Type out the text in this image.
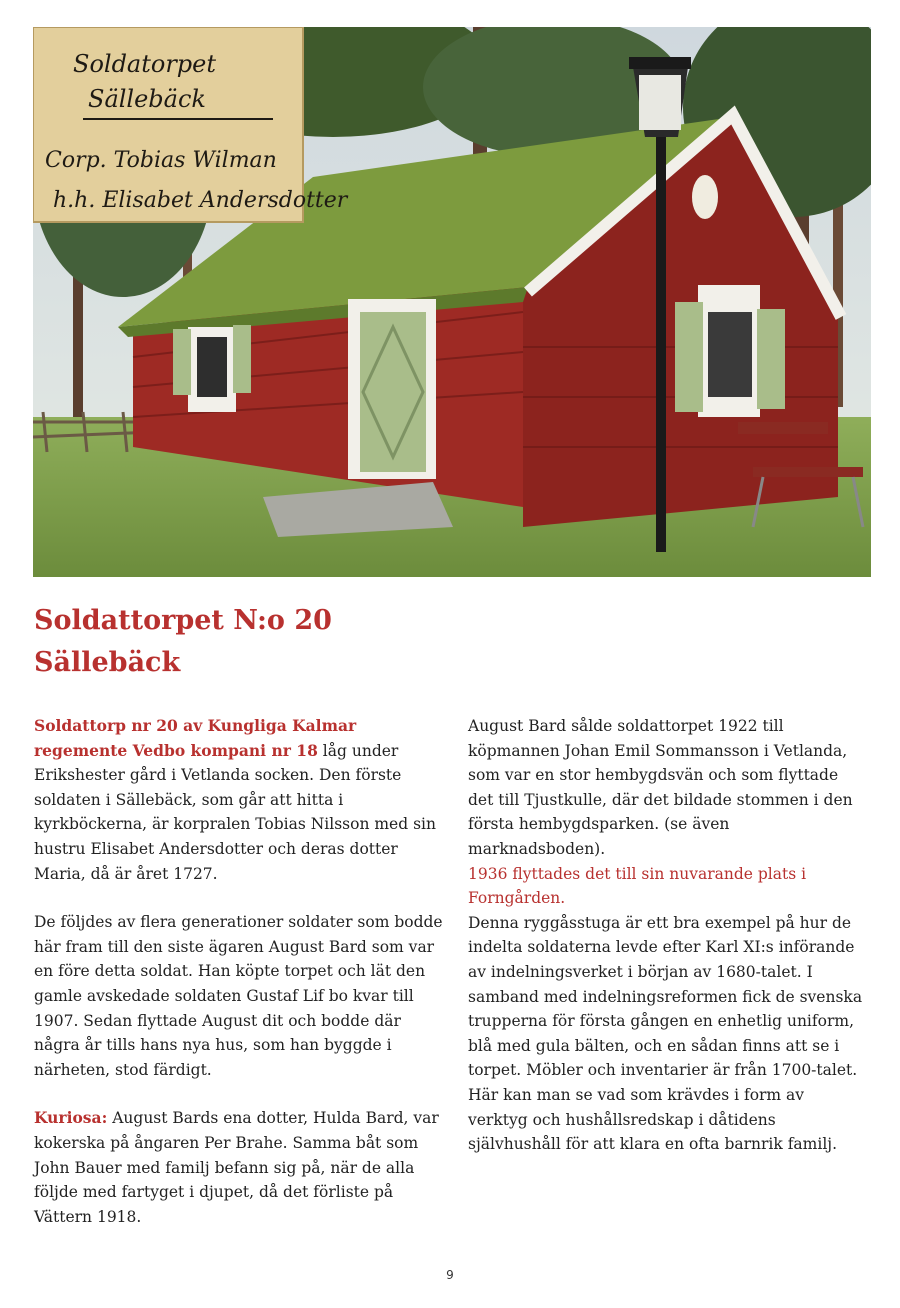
Soldatorpet
Sällebäck
Corp. Tobias Wilman
h.h. Elisabet Andersdotter
Soldattorpet N:o 20
Sällebäck

Soldattorp nr 20 av Kungliga Kalmar regemente Vedbo kompani nr 18 låg under Erikshester gård i Vetlanda socken. Den förste soldaten i Sällebäck, som går att hitta i kyrkböckerna, är korpralen Tobias Nilsson med sin hustru Elisabet Andersdotter och deras dotter Maria, då är året 1727.

De följdes av flera generationer soldater som bodde här fram till den siste ägaren August Bard som var en före detta soldat. Han köpte torpet och lät den gamle avskedade soldaten Gustaf Lif bo kvar till 1907. Sedan flyttade August dit och bodde där några år tills hans nya hus, som han byggde i närheten, stod färdigt.

Kuriosa: August Bards ena dotter, Hulda Bard, var kokerska på ångaren Per Brahe. Samma båt som John Bauer med familj befann sig på, när de alla följde med fartyget i djupet, då det förliste på Vättern 1918.

August Bard sålde soldattorpet 1922 till köpmannen Johan Emil Sommansson i Vetlanda, som var en stor hembygdsvän och som flyttade det till Tjustkulle, där det bildade stommen i den första hembygdsparken. (se även marknadsboden).
1936 flyttades det till sin nuvarande plats i Forngården.
Denna ryggåsstuga är ett bra exempel på hur de indelta soldaterna levde efter Karl XI:s införande av indelningsverket i början av 1680-talet. I samband med indelningsreformen fick de svenska trupperna för första gången en enhetlig uniform, blå med gula bälten, och en sådan finns att se i torpet. Möbler och inventarier är från 1700-talet. Här kan man se vad som krävdes i form av verktyg och hushållsredskap i dåtidens självhushåll för att klara en ofta barnrik familj.
9
